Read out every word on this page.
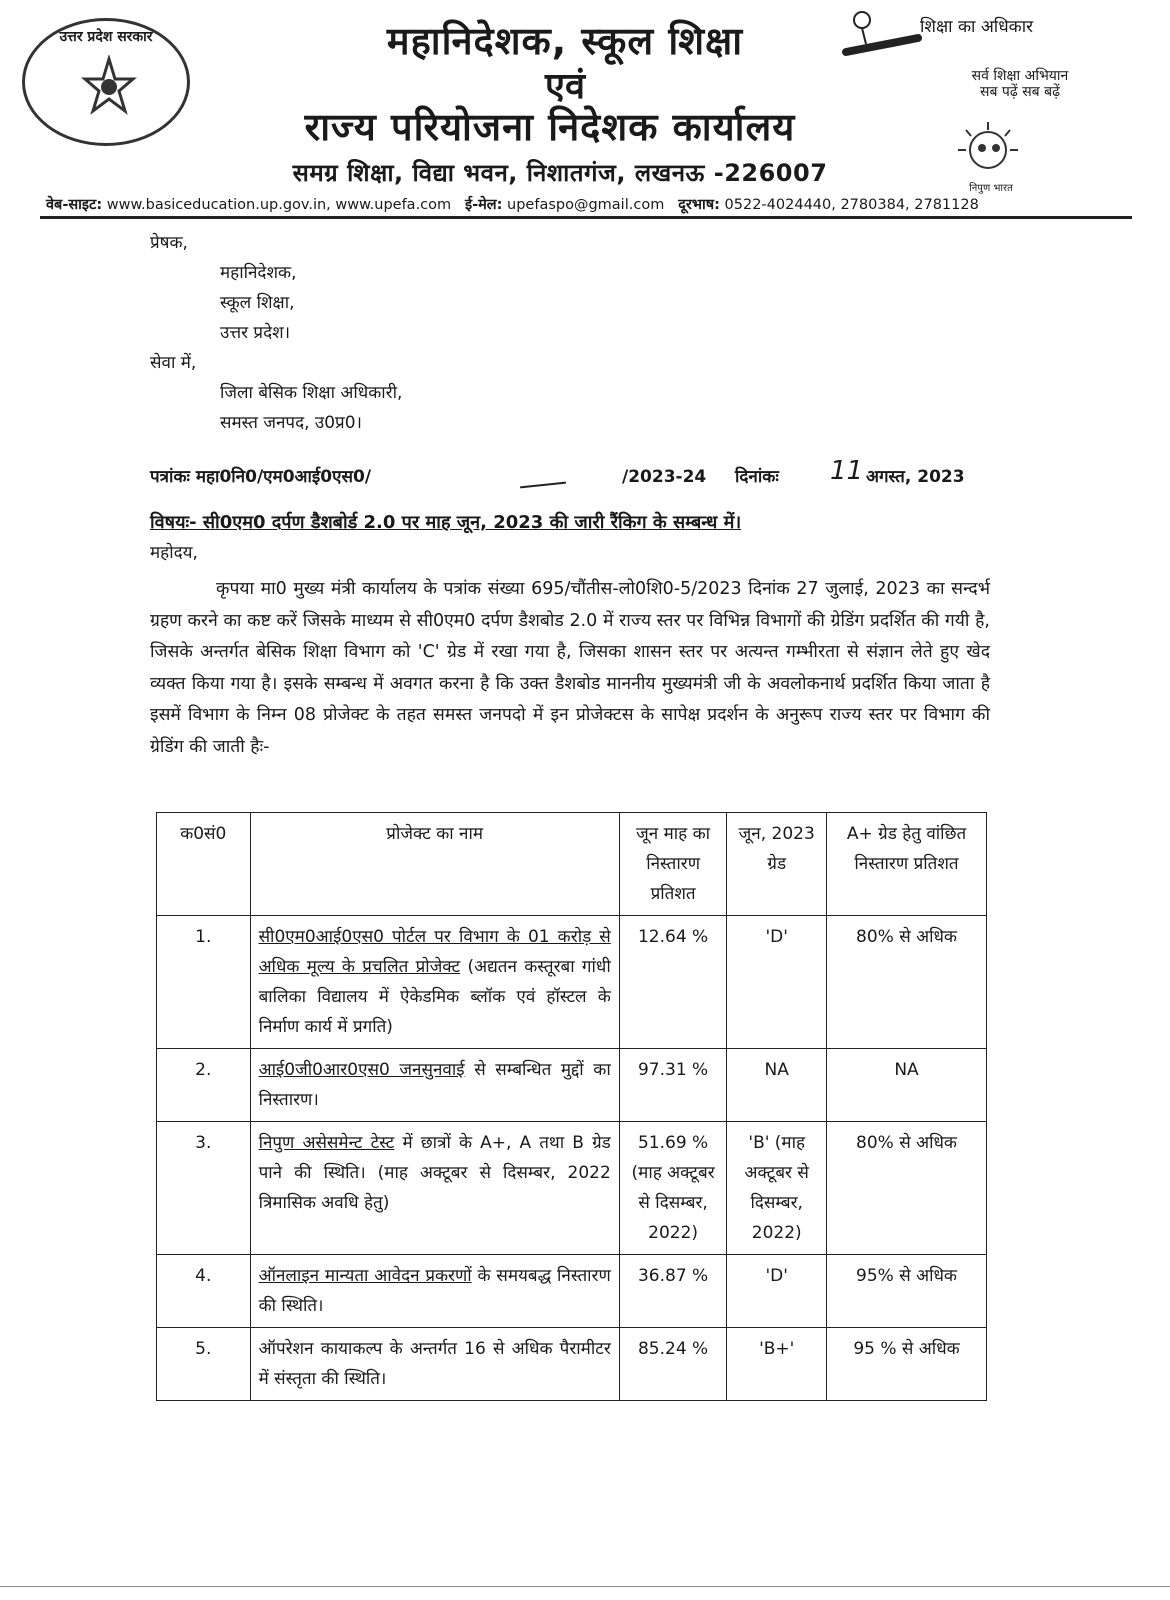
उत्तर प्रदेश सरकार	महानिदेशक, स्कूल शिक्षा
एवं
राज्य परियोजना निदेशक कार्यालय
समग्र शिक्षा, विद्या भवन, निशातगंज, लखनऊ -226007
शिक्षा का अधिकार
सर्व शिक्षा अभियान
सब पढ़ें सब बढ़ें
निपुण भारत
वेब-साइट: www.basiceducation.up.gov.in, www.upefa.com ई-मेल: upefaspo@gmail.com दूरभाष: 0522-4024440, 2780384, 2781128
प्रेषक,
महानिदेशक,
स्कूल शिक्षा,
उत्तर प्रदेश।
सेवा में,
जिला बेसिक शिक्षा अधिकारी,
समस्त जनपद, उ0प्र0।
पत्रांकः महा0नि0/एम0आई0एस0/	/2023-24 दिनांकः 11 अगस्त, 2023
विषयः- सी0एम0 दर्पण डैशबोर्ड 2.0 पर माह जून, 2023 की जारी रैंकिग के सम्बन्ध में।
महोदय,
कृपया मा0 मुख्य मंत्री कार्यालय के पत्रांक संख्या 695/चौंतीस-लो0शि0-5/2023 दिनांक 27 जुलाई, 2023 का सन्दर्भ ग्रहण करने का कष्ट करें जिसके माध्यम से सी0एम0 दर्पण डैशबोड 2.0 में राज्य स्तर पर विभिन्न विभागों की ग्रेडिंग प्रदर्शित की गयी है, जिसके अन्तर्गत बेसिक शिक्षा विभाग को 'C' ग्रेड में रखा गया है, जिसका शासन स्तर पर अत्यन्त गम्भीरता से संज्ञान लेते हुए खेद व्यक्त किया गया है। इसके सम्बन्ध में अवगत करना है कि उक्त डैशबोड माननीय मुख्यमंत्री जी के अवलोकनार्थ प्रदर्शित किया जाता है इसमें विभाग के निम्न 08 प्रोजेक्ट के तहत समस्त जनपदो में इन प्रोजेक्टस के सापेक्ष प्रदर्शन के अनुरूप राज्य स्तर पर विभाग की ग्रेडिंग की जाती हैः-
क0सं0	प्रोजेक्ट का नाम	जून माह का निस्तारण प्रतिशत	जून, 2023 ग्रेड	A+ ग्रेड हेतु वांछित निस्तारण प्रतिशत
1.	सी0एम0आई0एस0 पोर्टल पर विभाग के 01 करोड़ से अधिक मूल्य के प्रचलित प्रोजेक्ट (अद्यतन कस्तूरबा गांधी बालिका विद्यालय में ऐकेडमिक ब्लॉक एवं हॉस्टल के निर्माण कार्य में प्रगति)	12.64 %	'D'	80% से अधिक
2.	आई0जी0आर0एस0 जनसुनवाई से सम्बन्धित मुद्दों का निस्तारण।	97.31 %	NA	NA
3.	निपुण असेसमेन्ट टेस्ट में छात्रों के A+, A तथा B ग्रेड पाने की स्थिति। (माह अक्टूबर से दिसम्बर, 2022 त्रिमासिक अवधि हेतु)	51.69 % (माह अक्टूबर से दिसम्बर, 2022)	'B' (माह अक्टूबर से दिसम्बर, 2022)	80% से अधिक
4.	ऑनलाइन मान्यता आवेदन प्रकरणों के समयबद्ध निस्तारण की स्थिति।	36.87 %	'D'	95% से अधिक
5.	ऑपरेशन कायाकल्प के अन्तर्गत 16 से अधिक पैरामीटर में संस्तृता की स्थिति।	85.24 %	'B+'	95 % से अधिक
